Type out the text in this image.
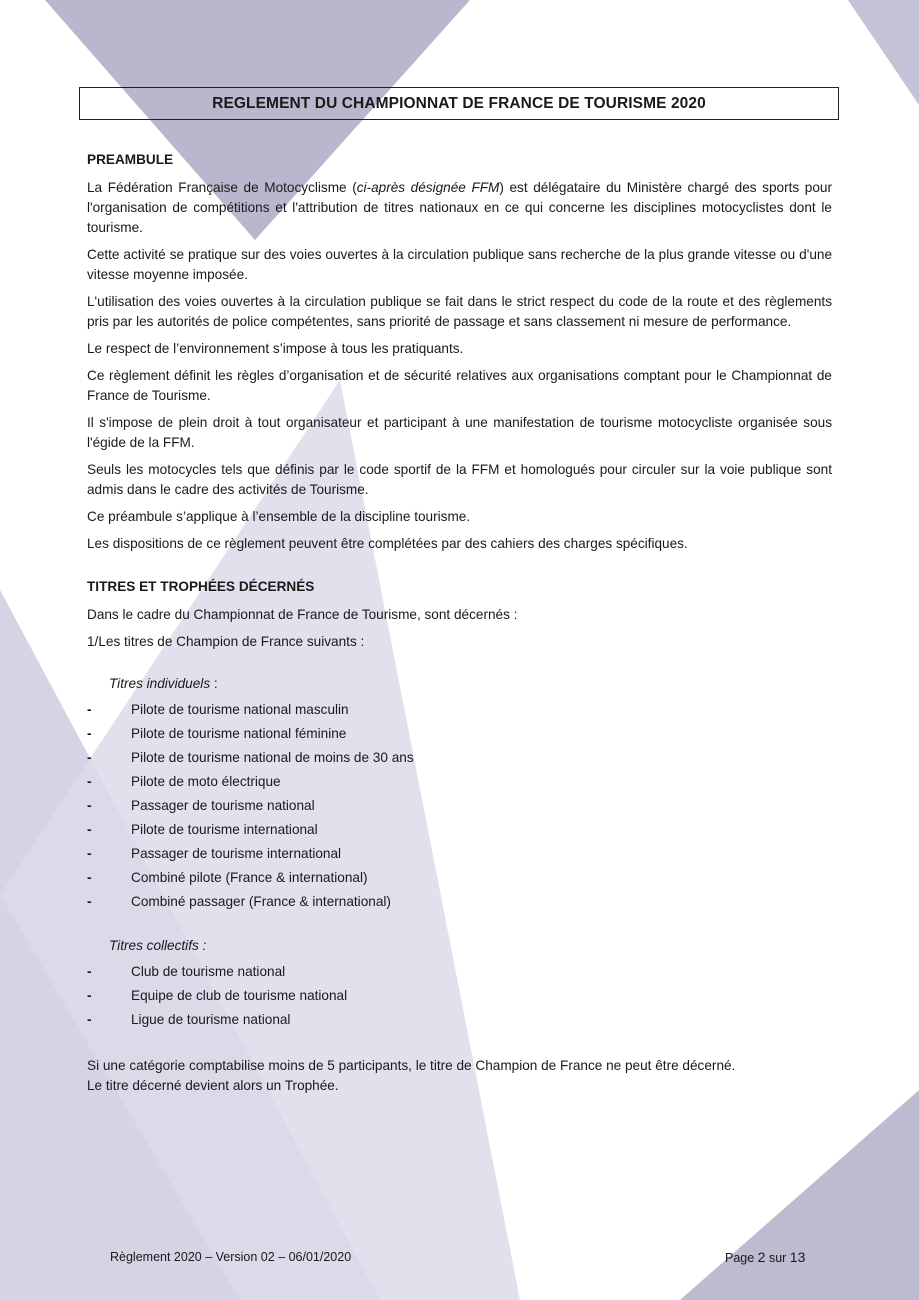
REGLEMENT DU CHAMPIONNAT DE FRANCE DE TOURISME 2020
PREAMBULE

La Fédération Française de Motocyclisme (ci-après désignée FFM) est délégataire du Ministère chargé des sports pour l'organisation de compétitions et l'attribution de titres nationaux en ce qui concerne les disciplines motocyclistes dont le tourisme.

Cette activité se pratique sur des voies ouvertes à la circulation publique sans recherche de la plus grande vitesse ou d'une vitesse moyenne imposée.

L'utilisation des voies ouvertes à la circulation publique se fait dans le strict respect du code de la route et des règlements pris par les autorités de police compétentes, sans priorité de passage et sans classement ni mesure de performance.

Le respect de l’environnement s’impose à tous les pratiquants.

Ce règlement définit les règles d’organisation et de sécurité relatives aux organisations comptant pour le Championnat de France de Tourisme.

Il s'impose de plein droit à tout organisateur et participant à une manifestation de tourisme motocycliste organisée sous l'égide de la FFM.

Seuls les motocycles tels que définis par le code sportif de la FFM et homologués pour circuler sur la voie publique sont admis dans le cadre des activités de Tourisme.

Ce préambule s’applique à l’ensemble de la discipline tourisme.

Les dispositions de ce règlement peuvent être complétées par des cahiers des charges spécifiques.

TITRES ET TROPHÉES DÉCERNÉS

Dans le cadre du Championnat de France de Tourisme, sont décernés :

1/Les titres de Champion de France suivants :

Titres individuels :
-	Pilote de tourisme national masculin
-	Pilote de tourisme national féminine
-	Pilote de tourisme national de moins de 30 ans
-	Pilote de moto électrique
-	Passager de tourisme national
-	Pilote de tourisme international
-	Passager de tourisme international
-	Combiné pilote (France & international)
-	Combiné passager (France & international)
Titres collectifs :
-	Club de tourisme national
-	Equipe de club de tourisme national
-	Ligue de tourisme national
Si une catégorie comptabilise moins de 5 participants, le titre de Champion de France ne peut être décerné.
Le titre décerné devient alors un Trophée.
Règlement 2020 – Version 02 – 06/01/2020	Page 2 sur 13
